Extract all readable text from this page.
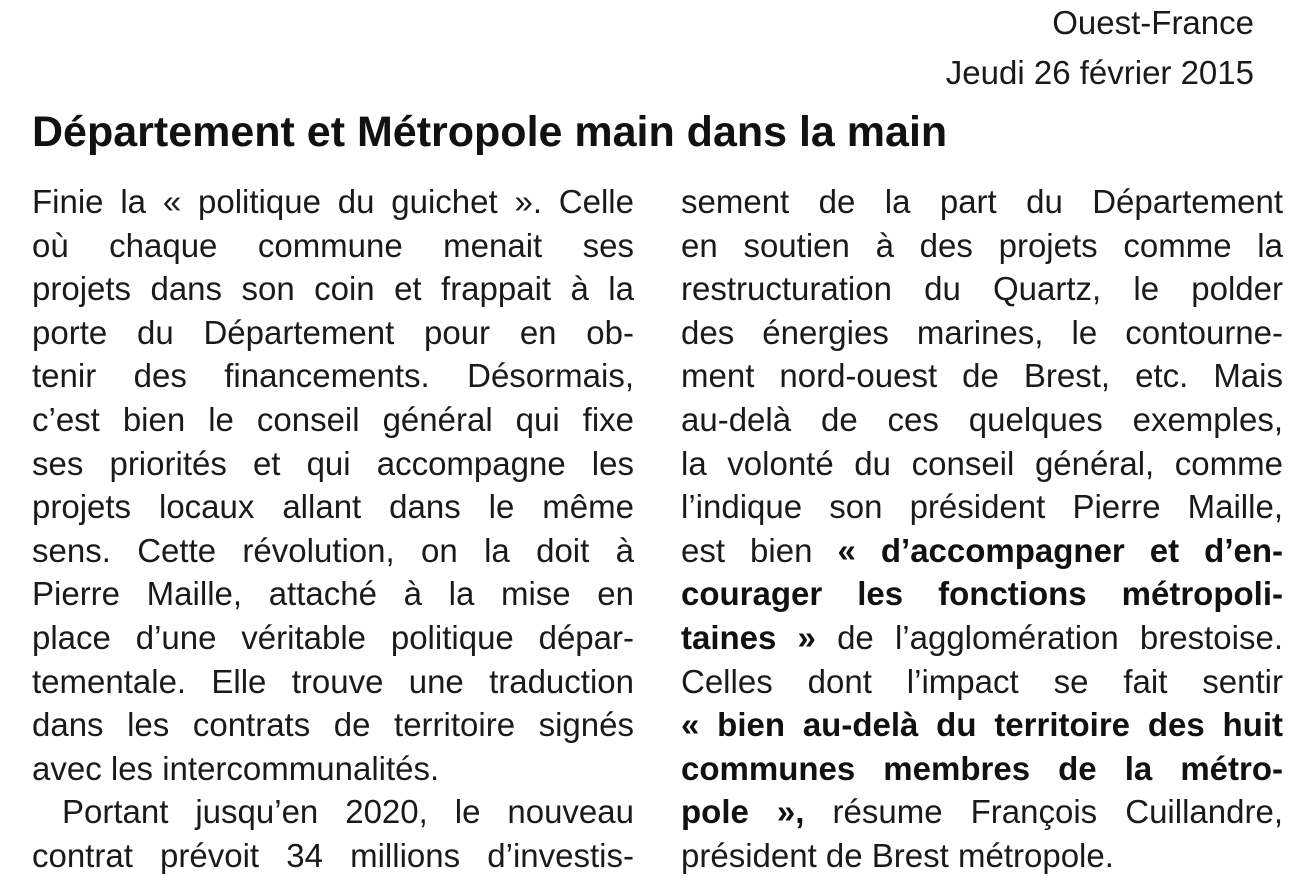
Ouest-France
Jeudi 26 février 2015
Département et Métropole main dans la main
Finie la « politique du guichet ». Celle
où chaque commune menait ses
projets dans son coin et frappait à la
porte du Département pour en ob-
tenir des financements. Désormais,
c’est bien le conseil général qui fixe
ses priorités et qui accompagne les
projets locaux allant dans le même
sens. Cette révolution, on la doit à
Pierre Maille, attaché à la mise en
place d’une véritable politique dépar-
tementale. Elle trouve une traduction
dans les contrats de territoire signés
avec les intercommunalités.
Portant jusqu’en 2020, le nouveau
contrat prévoit 34 millions d’investis-
sement de la part du Département
en soutien à des projets comme la
restructuration du Quartz, le polder
des énergies marines, le contourne-
ment nord-ouest de Brest, etc. Mais
au-delà de ces quelques exemples,
la volonté du conseil général, comme
l’indique son président Pierre Maille,
est bien « d’accompagner et d’en-
courager les fonctions métropoli-
taines » de l’agglomération brestoise.
Celles dont l’impact se fait sentir
« bien au-delà du territoire des huit
communes membres de la métro-
pole », résume François Cuillandre,
président de Brest métropole.
